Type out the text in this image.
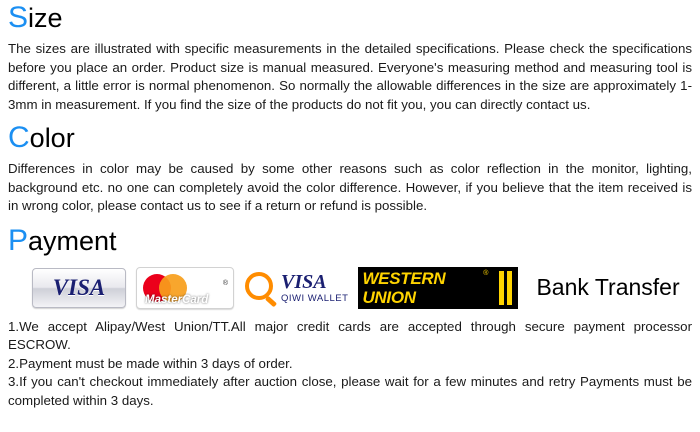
Size

The sizes are illustrated with specific measurements in the detailed specifications. Please check the specifications before you place an order. Product size is manual measured. Everyone's measuring method and measuring tool is different, a little error is normal phenomenon. So normally the allowable differences in the size are approximately 1-3mm in measurement. If you find the size of the products do not fit you, you can directly contact us.

Color

Differences in color may be caused by some other reasons such as color reflection in the monitor, lighting, background etc. no one can completely avoid the color difference. However, if you believe that the item received is in wrong color, please contact us to see if a return or refund is possible.

Payment
VISA	MasterCard
®	VISA
QIWI WALLET
WESTERN
UNION
®
Bank Transfer

1.We accept Alipay/West Union/TT.All major credit cards are accepted through secure payment processor ESCROW.

2.Payment must be made within 3 days of order.

3.If you can't checkout immediately after auction close, please wait for a few minutes and retry Payments must be completed within 3 days.
